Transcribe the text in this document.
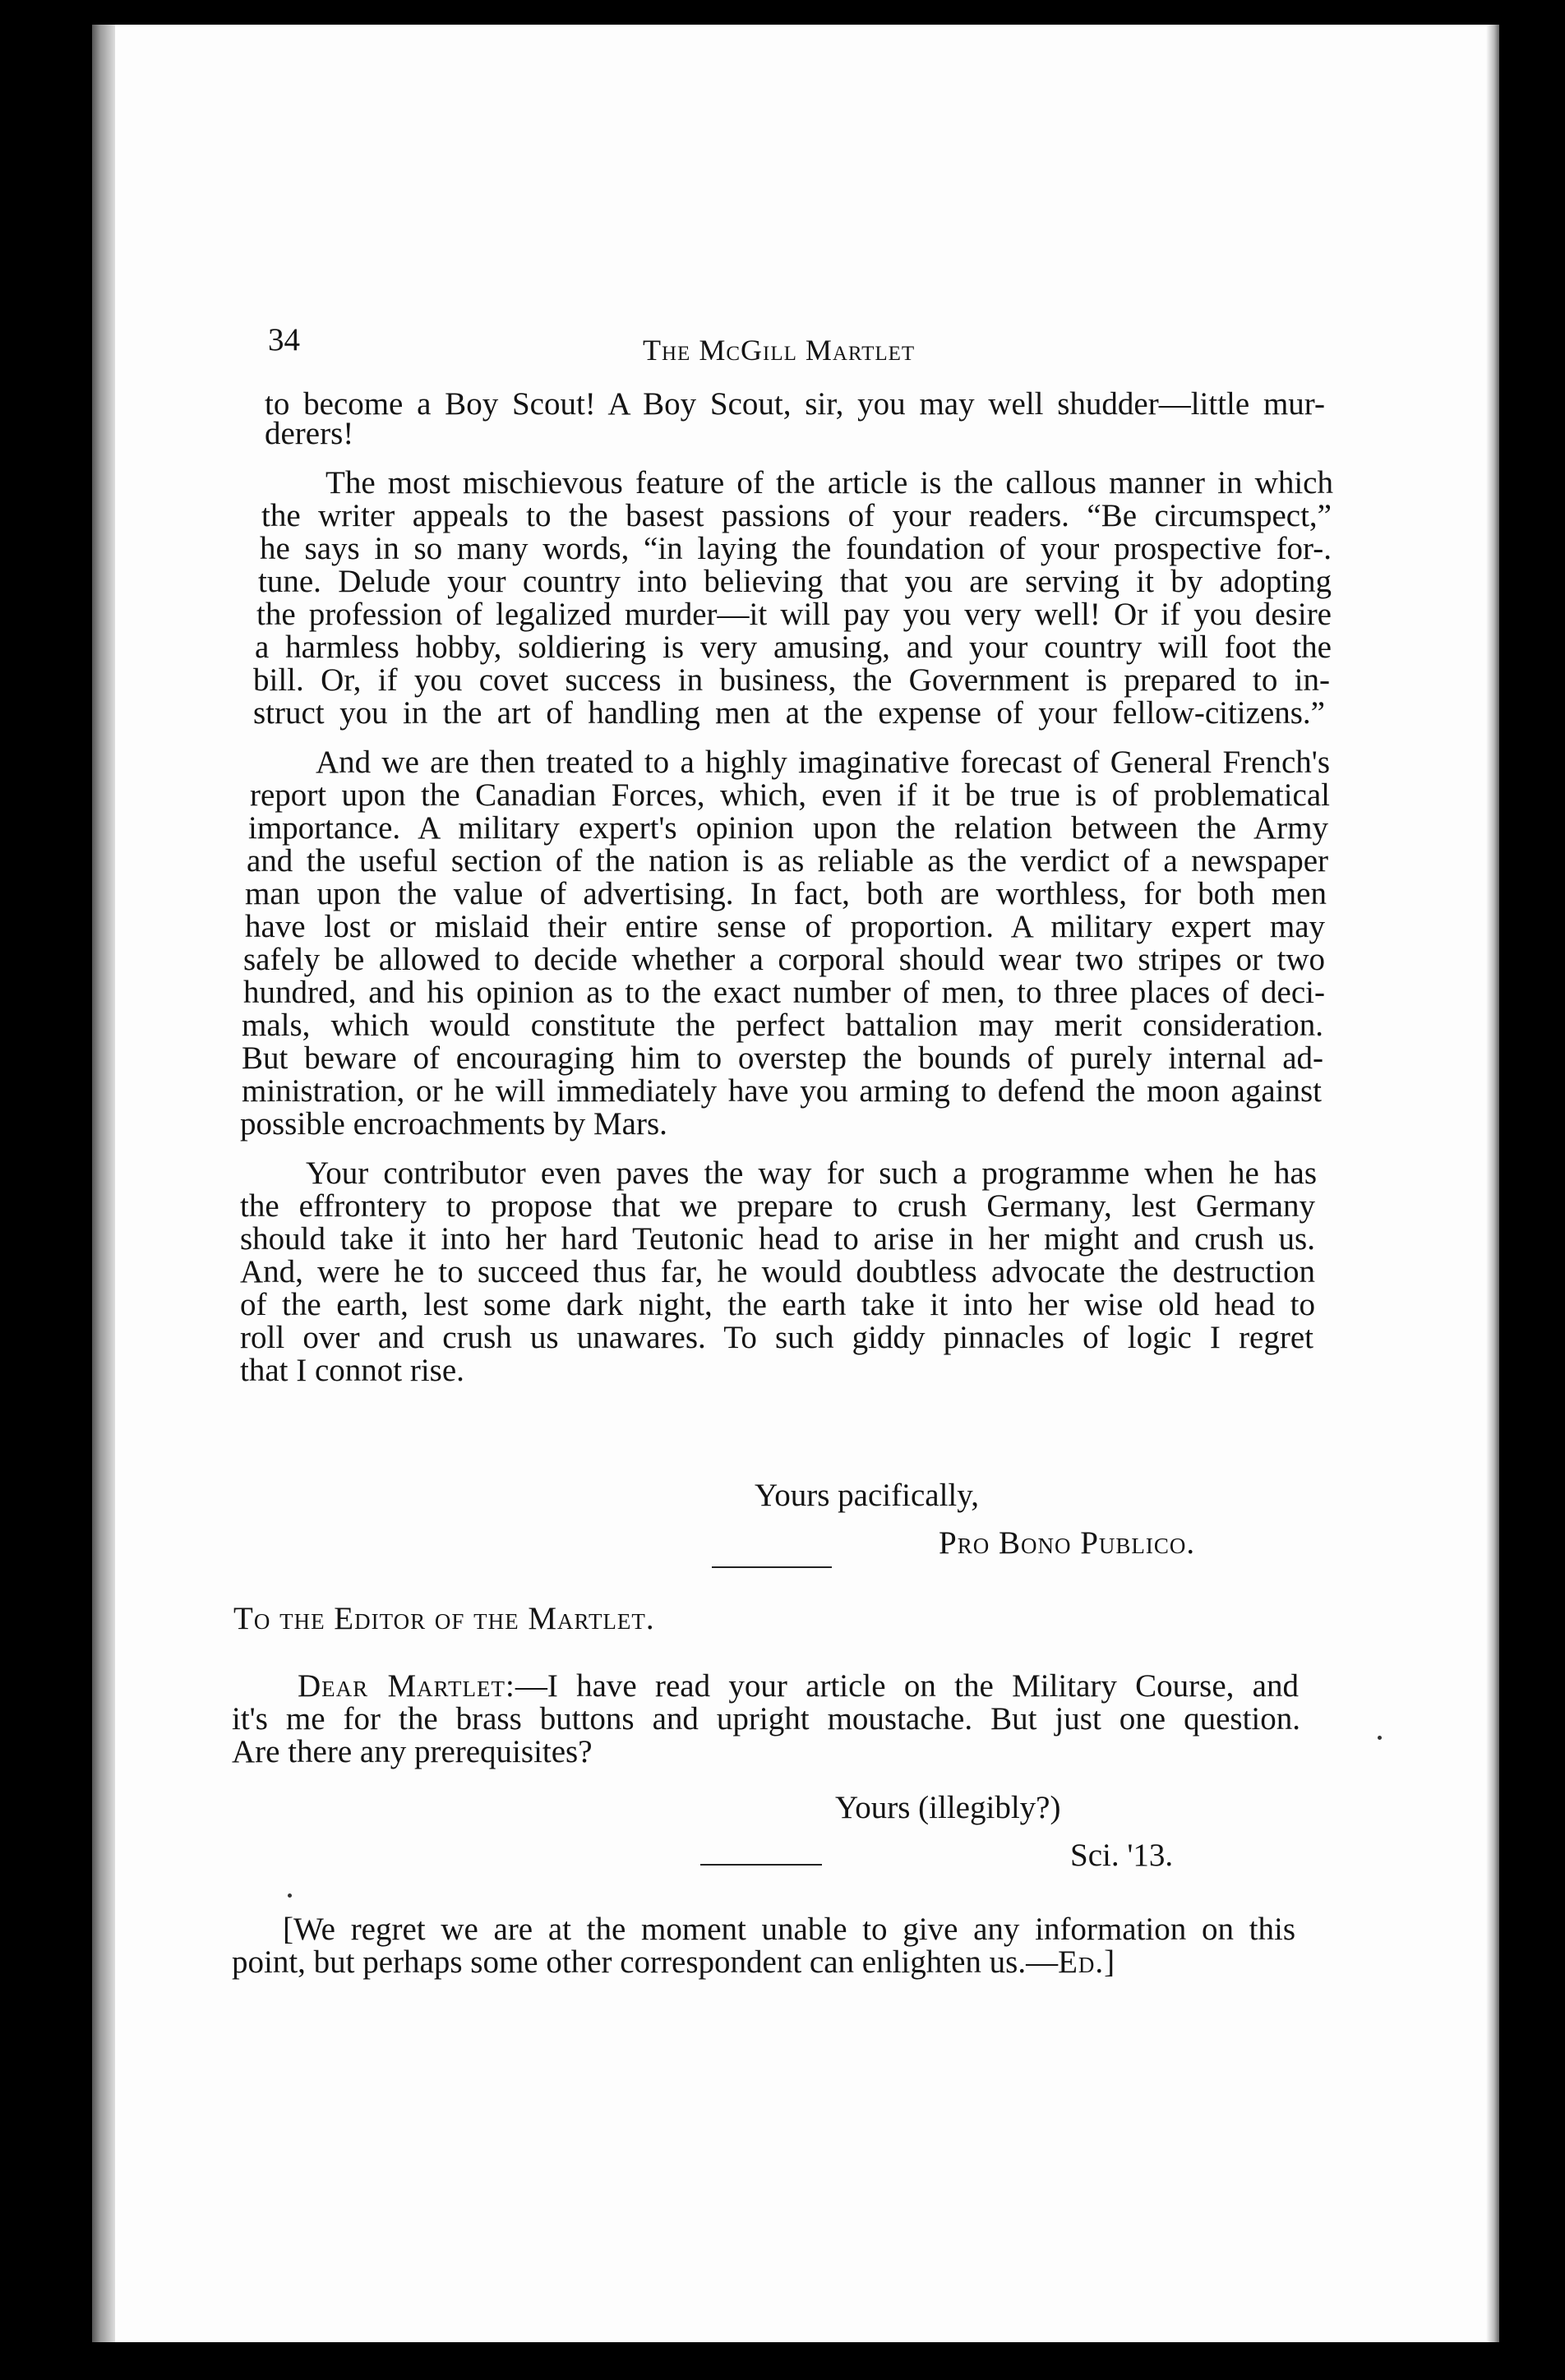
34	The McGill Martlet
to become a Boy Scout! A Boy Scout, sir, you may well shudder—little mur-
derers!
The most mischievous feature of the article is the callous manner in which
the writer appeals to the basest passions of your readers. “Be circumspect,”
he says in so many words, “in laying the foundation of your prospective for-.
tune. Delude your country into believing that you are serving it by adopting
the profession of legalized murder—it will pay you very well! Or if you desire
a harmless hobby, soldiering is very amusing, and your country will foot the
bill. Or, if you covet success in business, the Government is prepared to in-
struct you in the art of handling men at the expense of your fellow-citizens.”
And we are then treated to a highly imaginative forecast of General French's
report upon the Canadian Forces, which, even if it be true is of problematical
importance. A military expert's opinion upon the relation between the Army
and the useful section of the nation is as reliable as the verdict of a newspaper
man upon the value of advertising. In fact, both are worthless, for both men
have lost or mislaid their entire sense of proportion. A military expert may
safely be allowed to decide whether a corporal should wear two stripes or two
hundred, and his opinion as to the exact number of men, to three places of deci-
mals, which would constitute the perfect battalion may merit consideration.
But beware of encouraging him to overstep the bounds of purely internal ad-
ministration, or he will immediately have you arming to defend the moon against
possible encroachments by Mars.
Your contributor even paves the way for such a programme when he has
the effrontery to propose that we prepare to crush Germany, lest Germany
should take it into her hard Teutonic head to arise in her might and crush us.
And, were he to succeed thus far, he would doubtless advocate the destruction
of the earth, lest some dark night, the earth take it into her wise old head to
roll over and crush us unawares. To such giddy pinnacles of logic I regret
that I connot rise.
Yours pacifically,
Pro Bono Publico.
To the Editor of the Martlet.
Dear Martlet:—I have read your article on the Military Course, and
it's me for the brass buttons and upright moustache. But just one question.
Are there any prerequisites?
Yours (illegibly?)
Sci. '13.
[We regret we are at the moment unable to give any information on this
point, but perhaps some other correspondent can enlighten us.—Ed.]
